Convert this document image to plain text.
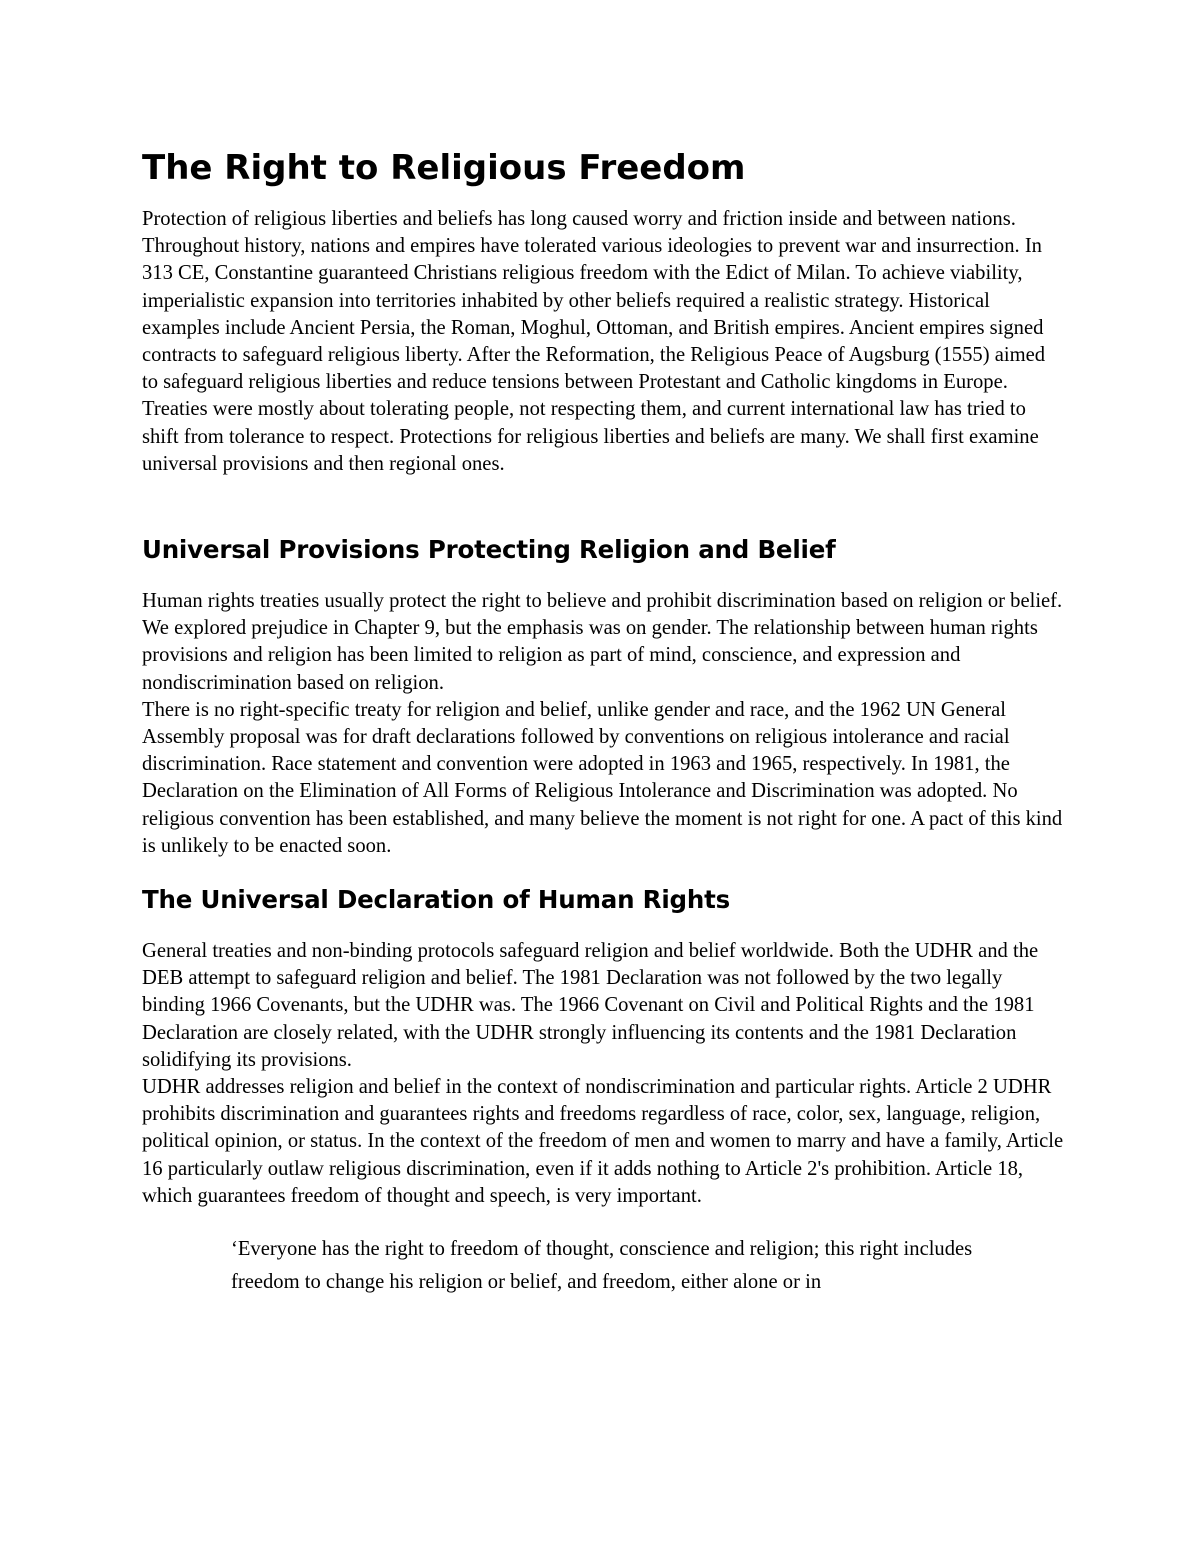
The Right to Religious Freedom

Protection of religious liberties and beliefs has long caused worry and friction inside and between nations. Throughout history, nations and empires have tolerated various ideologies to prevent war and insurrection. In 313 CE, Constantine guaranteed Christians religious freedom with the Edict of Milan. To achieve viability, imperialistic expansion into territories inhabited by other beliefs required a realistic strategy. Historical examples include Ancient Persia, the Roman, Moghul, Ottoman, and British empires. Ancient empires signed contracts to safeguard religious liberty. After the Reformation, the Religious Peace of Augsburg (1555) aimed to safeguard religious liberties and reduce tensions between Protestant and Catholic kingdoms in Europe. Treaties were mostly about tolerating people, not respecting them, and current international law has tried to shift from tolerance to respect. Protections for religious liberties and beliefs are many. We shall first examine universal provisions and then regional ones.

Universal Provisions Protecting Religion and Belief

Human rights treaties usually protect the right to believe and prohibit discrimination based on religion or belief. We explored prejudice in Chapter 9, but the emphasis was on gender. The relationship between human rights provisions and religion has been limited to religion as part of mind, conscience, and expression and nondiscrimination based on religion.

There is no right-specific treaty for religion and belief, unlike gender and race, and the 1962 UN General Assembly proposal was for draft declarations followed by conventions on religious intolerance and racial discrimination. Race statement and convention were adopted in 1963 and 1965, respectively. In 1981, the Declaration on the Elimination of All Forms of Religious Intolerance and Discrimination was adopted. No religious convention has been established, and many believe the moment is not right for one. A pact of this kind is unlikely to be enacted soon.

The Universal Declaration of Human Rights

General treaties and non-binding protocols safeguard religion and belief worldwide. Both the UDHR and the DEB attempt to safeguard religion and belief. The 1981 Declaration was not followed by the two legally binding 1966 Covenants, but the UDHR was. The 1966 Covenant on Civil and Political Rights and the 1981 Declaration are closely related, with the UDHR strongly influencing its contents and the 1981 Declaration solidifying its provisions.

UDHR addresses religion and belief in the context of nondiscrimination and particular rights. Article 2 UDHR prohibits discrimination and guarantees rights and freedoms regardless of race, color, sex, language, religion, political opinion, or status. In the context of the freedom of men and women to marry and have a family, Article 16 particularly outlaw religious discrimination, even if it adds nothing to Article 2's prohibition. Article 18, which guarantees freedom of thought and speech, is very important.

‘Everyone has the right to freedom of thought, conscience and religion; this right includes freedom to change his religion or belief, and freedom, either alone or in
